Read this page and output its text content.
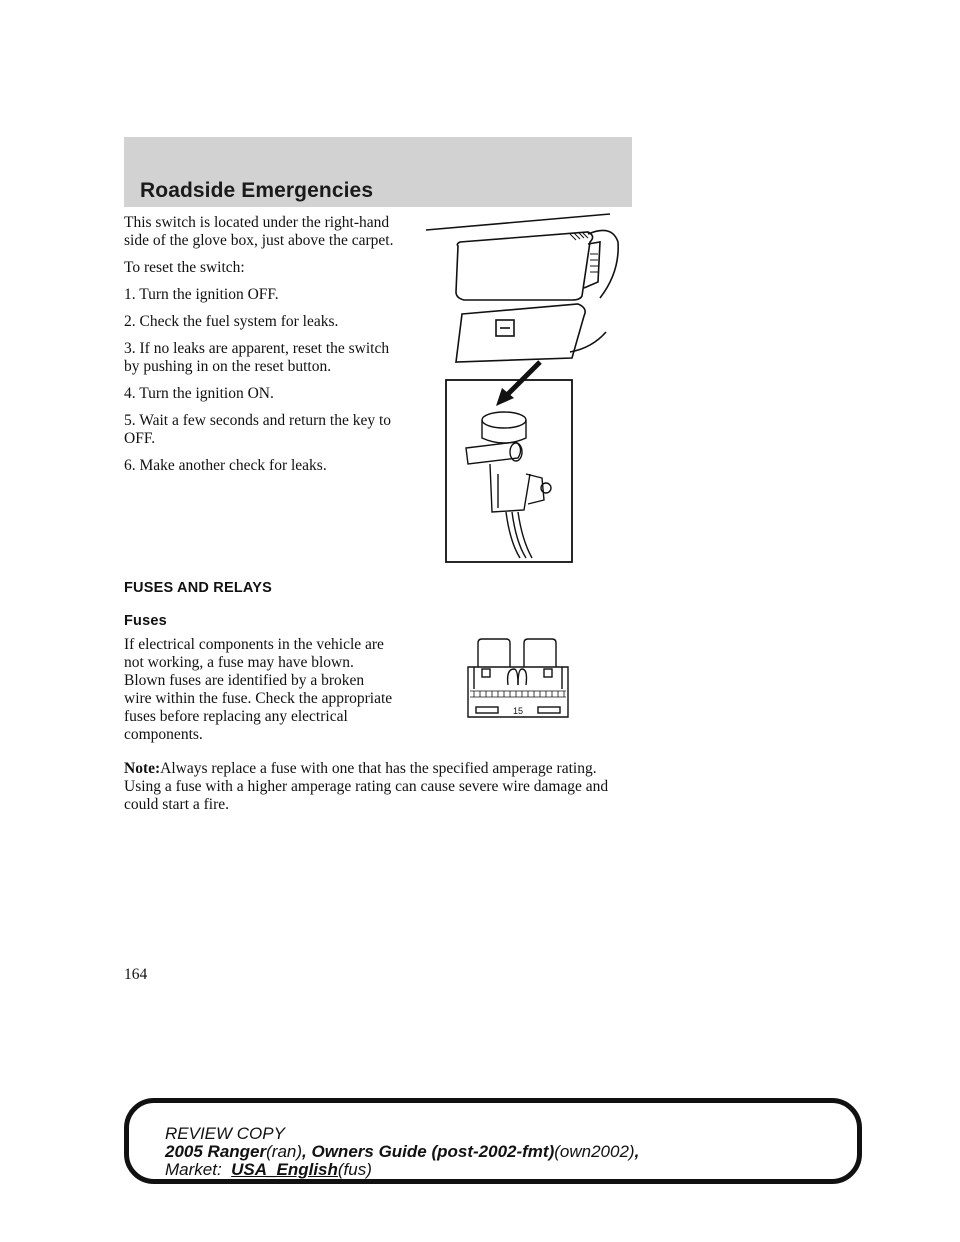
Roadside Emergencies

This switch is located under the right-hand side of the glove box, just above the carpet.

To reset the switch:

1. Turn the ignition OFF.

2. Check the fuel system for leaks.

3. If no leaks are apparent, reset the switch by pushing in on the reset button.

4. Turn the ignition ON.

5. Wait a few seconds and return the key to OFF.

6. Make another check for leaks.

FUSES AND RELAYS
Fuses
If electrical components in the vehicle are not working, a fuse may have blown. Blown fuses are identified by a broken wire within the fuse. Check the appropriate fuses before replacing any electrical components.
15
Note:Always replace a fuse with one that has the specified amperage rating. Using a fuse with a higher amperage rating can cause severe wire damage and could start a fire.
164
REVIEW COPY
2005 Ranger(ran), Owners Guide (post-2002-fmt)(own2002),
Market: USA_English(fus)
